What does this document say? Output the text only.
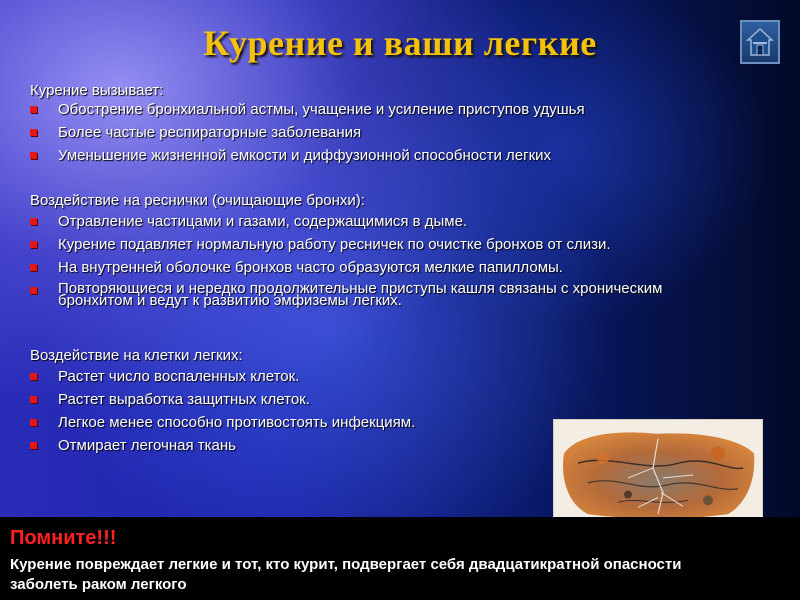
Курение и ваши легкие
Курение вызывает:
Обострение бронхиальной астмы, учащение и усиление приступов удушья
Более частые респираторные заболевания
Уменьшение жизненной емкости и диффузионной способности легких
Воздействие на реснички (очищающие бронхи):
Отравление частицами и газами, содержащимися в дыме.
Курение подавляет нормальную работу ресничек по очистке бронхов от слизи.
На внутренней оболочке бронхов часто образуются мелкие папилломы.
Повторяющиеся и нередко продолжительные приступы кашля связаны с хроническим бронхитом и ведут к развитию эмфиземы легких.
Воздействие на клетки легких:
Растет число воспаленных клеток.
Растет выработка защитных клеток.
Легкое менее способно противостоять инфекциям.
Отмирает легочная ткань
Помните!!!
Курение повреждает легкие и тот, кто курит, подвергает себя двадцатикратной опасности заболеть раком легкого
